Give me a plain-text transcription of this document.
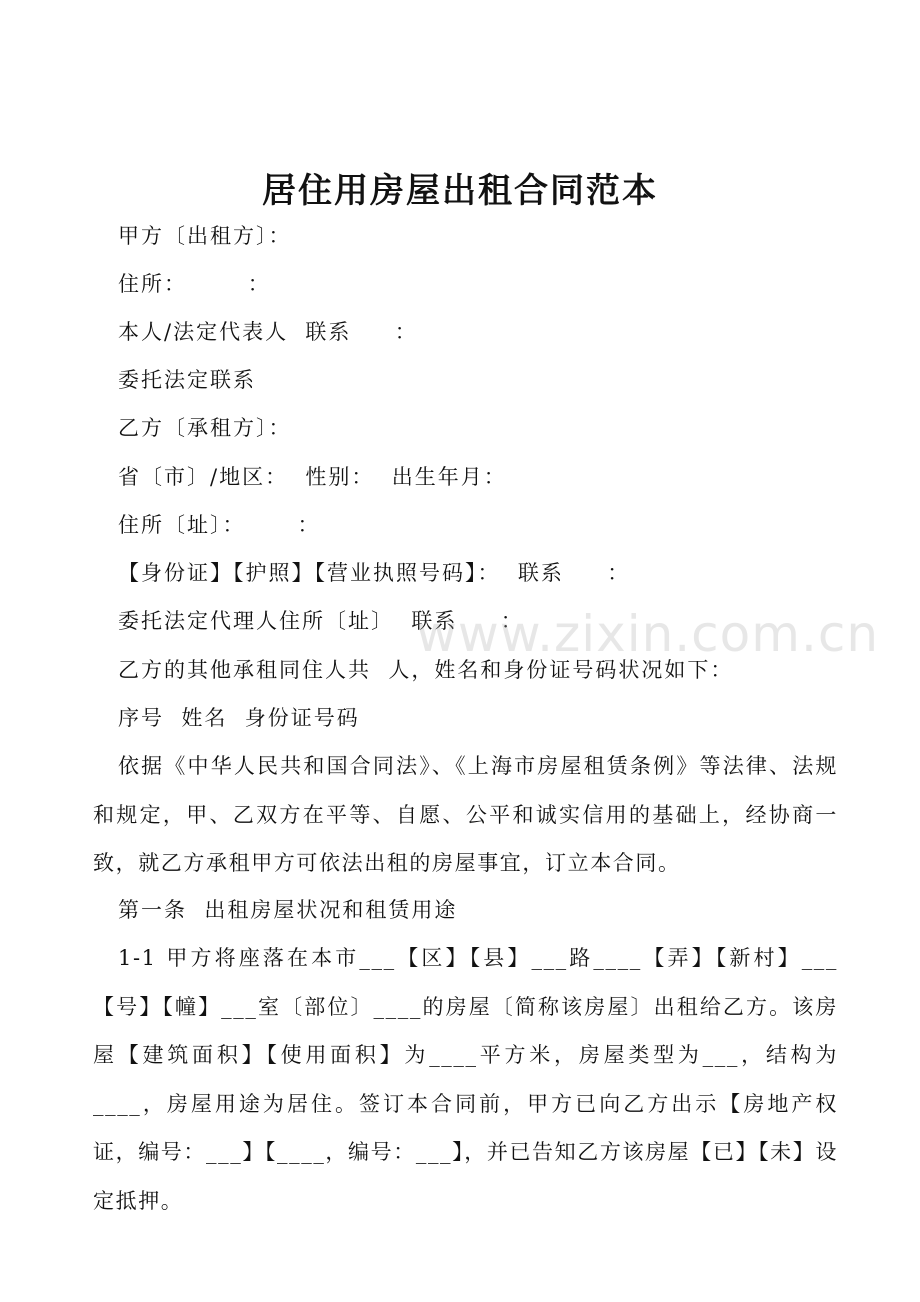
居住用房屋出租合同范本
甲方〔出租方〕：
住所：       ：
本人/法定代表人  联系     ：
委托法定联系
乙方〔承租方〕：
省〔市〕/地区：  性别：  出生年月：
住所〔址〕：      ：
【身份证】【护照】【营业执照号码】：  联系     ：
委托法定代理人住所〔址〕  联系     ：
乙方的其他承租同住人共  人，姓名和身份证号码状况如下：
序号  姓名  身份证号码
依据《中华人民共和国合同法》、《上海市房屋租赁条例》等法律、法规和规定，甲、乙双方在平等、自愿、公平和诚实信用的基础上，经协商一致，就乙方承租甲方可依法出租的房屋事宜，订立本合同。
第一条  出租房屋状况和租赁用途
1-1 甲方将座落在本市___【区】【县】___路____【弄】【新村】___【号】【幢】___室〔部位〕____的房屋〔简称该房屋〕出租给乙方。该房屋【建筑面积】【使用面积】为____平方米，房屋类型为___，结构为____，房屋用途为居住。签订本合同前，甲方已向乙方出示【房地产权证，编号：___】【____，编号：___】，并已告知乙方该房屋【已】【未】设定抵押。
www.zixin.com.cn
